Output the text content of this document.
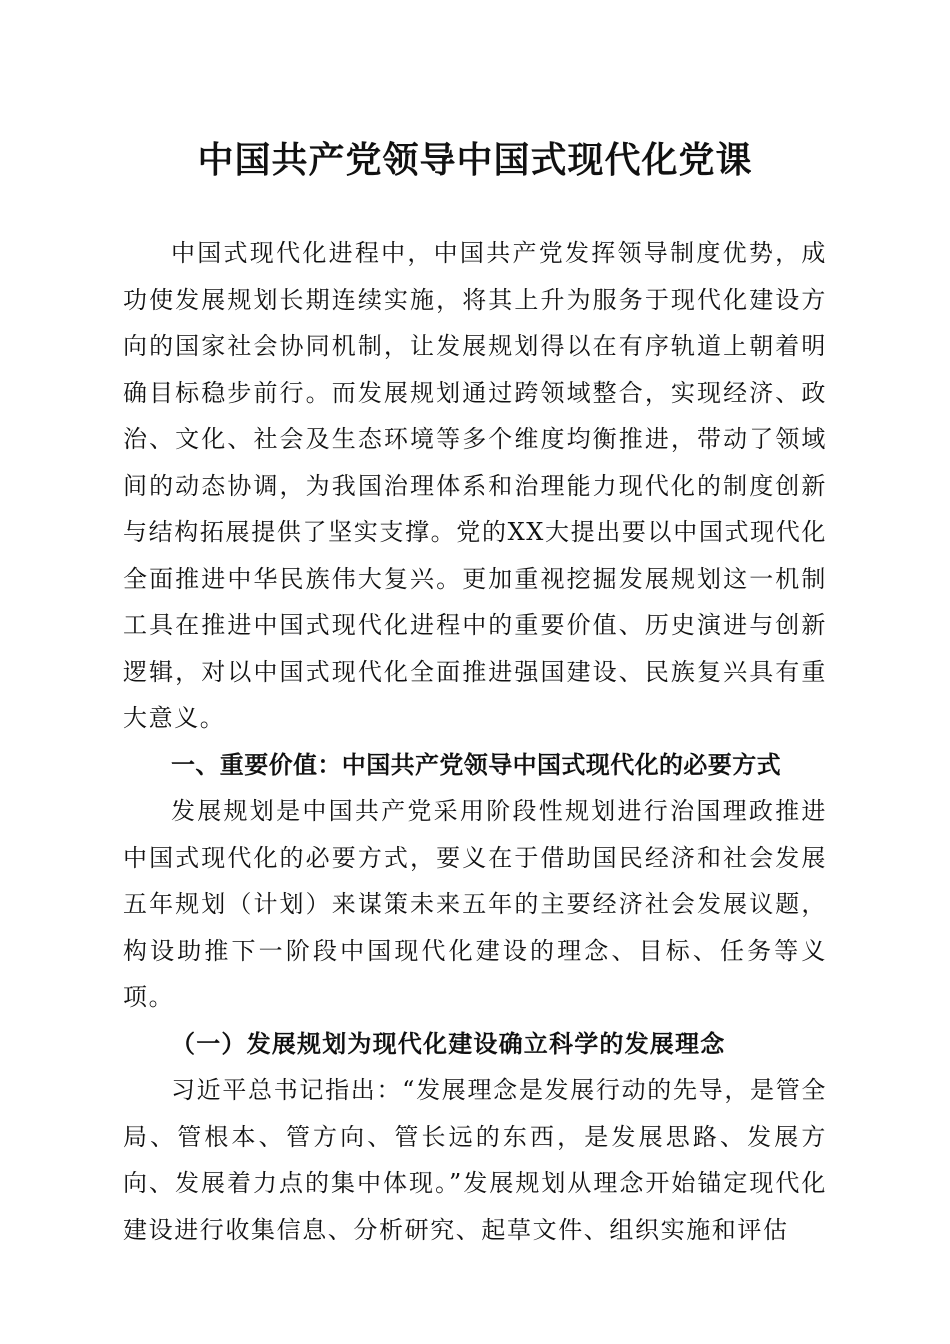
中国共产党领导中国式现代化党课

中国式现代化进程中，中国共产党发挥领导制度优势，成功使发展规划长期连续实施，将其上升为服务于现代化建设方向的国家社会协同机制，让发展规划得以在有序轨道上朝着明确目标稳步前行。而发展规划通过跨领域整合，实现经济、政治、文化、社会及生态环境等多个维度均衡推进，带动了领域间的动态协调，为我国治理体系和治理能力现代化的制度创新与结构拓展提供了坚实支撑。党的XX大提出要以中国式现代化全面推进中华民族伟大复兴。更加重视挖掘发展规划这一机制工具在推进中国式现代化进程中的重要价值、历史演进与创新逻辑，对以中国式现代化全面推进强国建设、民族复兴具有重大意义。

一、重要价值：中国共产党领导中国式现代化的必要方式

发展规划是中国共产党采用阶段性规划进行治国理政推进中国式现代化的必要方式，要义在于借助国民经济和社会发展五年规划（计划）来谋策未来五年的主要经济社会发展议题，构设助推下一阶段中国现代化建设的理念、目标、任务等义项。

（一）发展规划为现代化建设确立科学的发展理念

习近平总书记指出：“发展理念是发展行动的先导，是管全局、管根本、管方向、管长远的东西，是发展思路、发展方向、发展着力点的集中体现。”发展规划从理念开始锚定现代化建设进行收集信息、分析研究、起草文件、组织实施和评估
